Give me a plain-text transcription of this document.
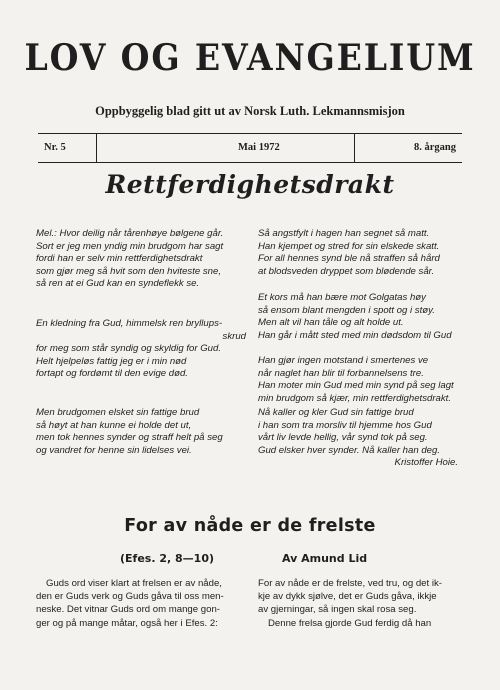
LOV OG EVANGELIUM
Oppbyggelig blad gitt ut av Norsk Luth. Lekmannsmisjon
Nr. 5	Mai 1972	8. årgang
Rettferdighetsdrakt
Mel.: Hvor deilig når tårenhøye bølgene går.
Sort er jeg men yndig min brudgom har sagt
fordi han er selv min rettferdighetsdrakt
som gjør meg så hvit som den hviteste sne,
så ren at ei Gud kan en syndeflekk se.
En kledning fra Gud, himmelsk ren bryllups-
skrud
for meg som står syndig og skyldig for Gud.
Helt hjelpeløs fattig jeg er i min nød
fortapt og fordømt til den evige død.
Men brudgomen elsket sin fattige brud
så høyt at han kunne ei holde det ut,
men tok hennes synder og straff helt på seg
og vandret for henne sin lidelses vei.
Så angstfylt i hagen han segnet så matt.
Han kjempet og stred for sin elskede skatt.
For all hennes synd ble nå straffen så hård
at blodsveden dryppet som blødende sår.
Et kors må han bære mot Golgatas høy
så ensom blant mengden i spott og i støy.
Men alt vil han tåle og alt holde ut.
Han går i mått sted med min dødsdom til Gud
Han gjør ingen motstand i smertenes ve
når naglet han blir til forbannelsens tre.
Han moter min Gud med min synd på seg lagt
min brudgom så kjær, min rettferdighetsdrakt.
Nå kaller og kler Gud sin fattige brud
i han som tra morsliv til hjemme hos Gud
vårt liv levde hellig, vår synd tok på seg.
Gud elsker hver synder. Nå kaller han deg.
Kristoffer Hoie.
For av nåde er de frelste
(Efes. 2, 8—10)	Av Amund Lid
Guds ord viser klart at frelsen er av nåde,
den er Guds verk og Guds gåva til oss men-
neske. Det vitnar Guds ord om mange gon-
ger og på mange måtar, også her i Efes. 2:
For av nåde er de frelste, ved tru, og det ik-
kje av dykk sjølve, det er Guds gåva, ikkje
av gjerningar, så ingen skal rosa seg.
Denne frelsa gjorde Gud ferdig då han
